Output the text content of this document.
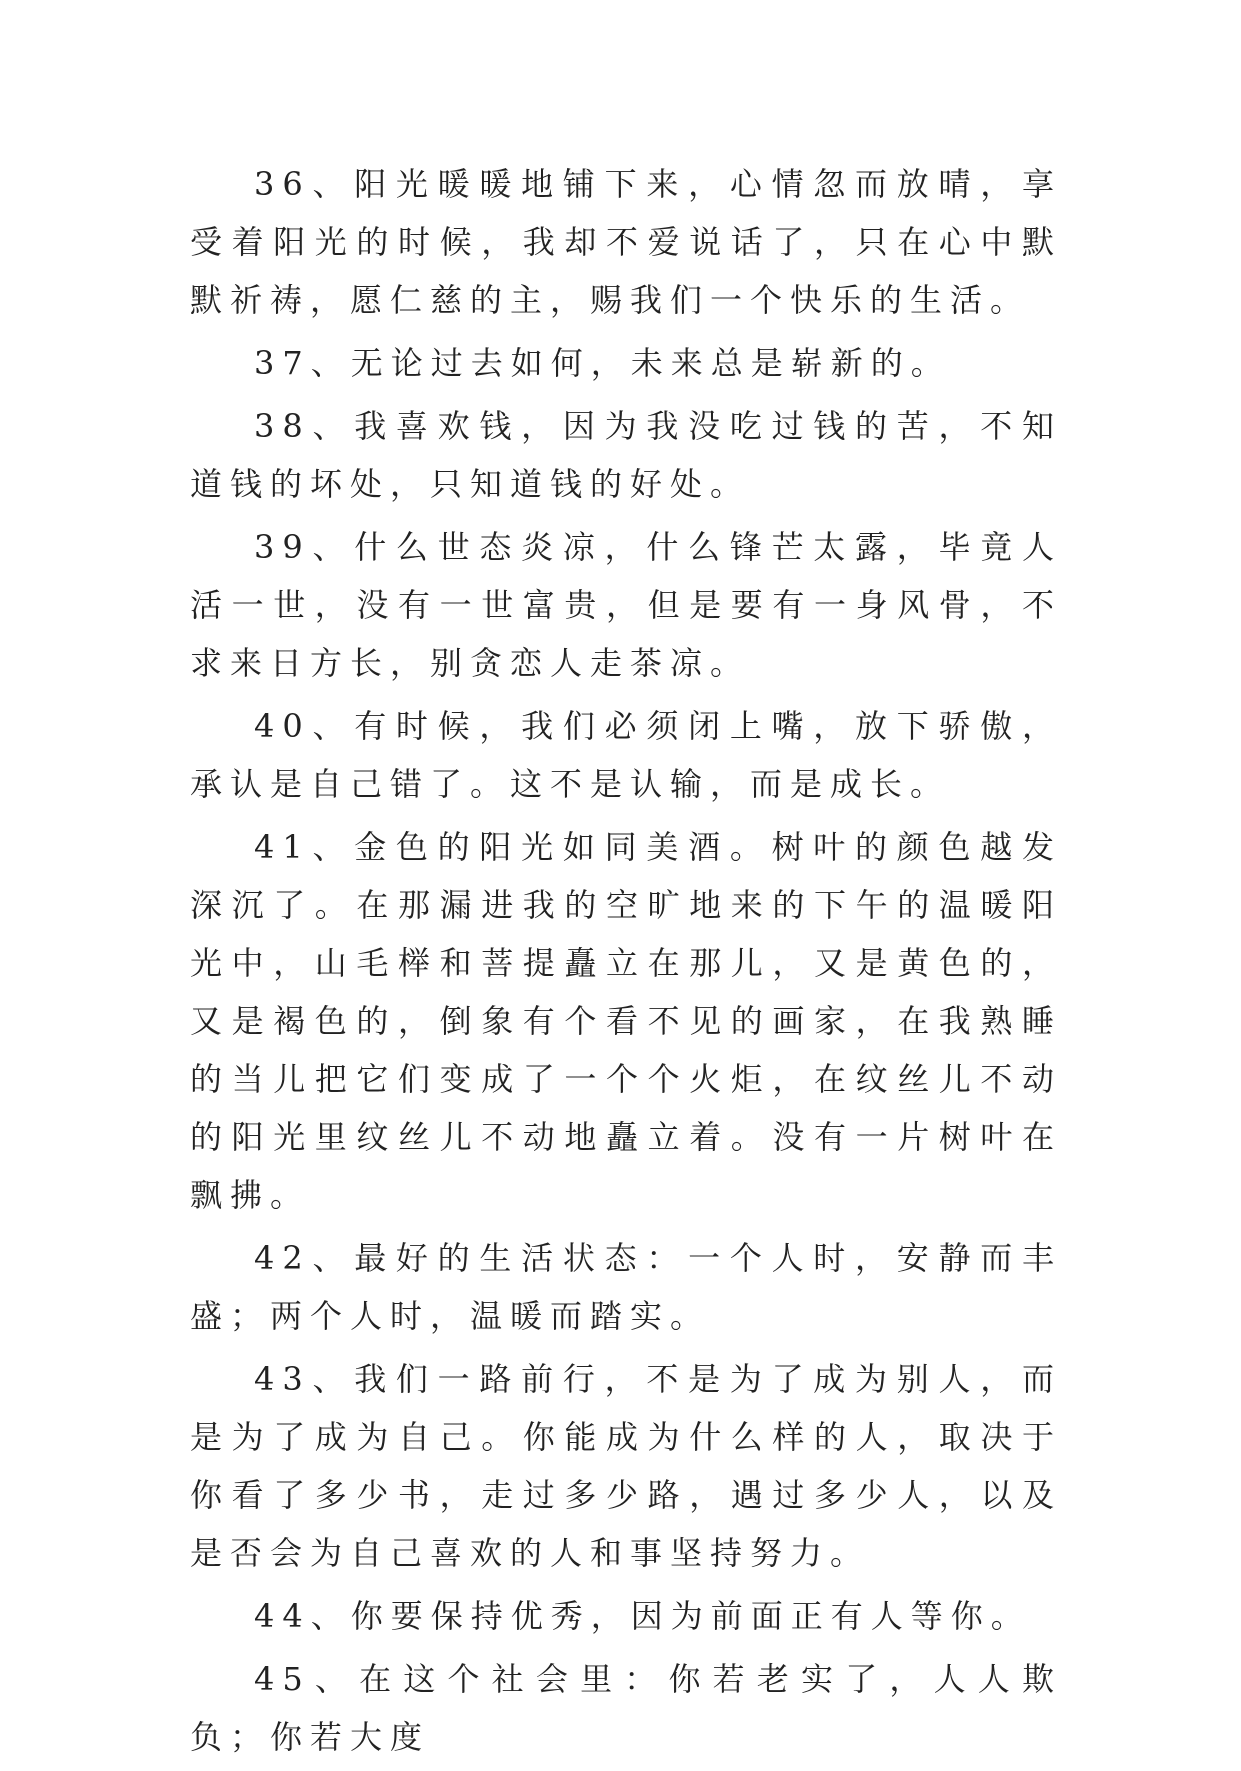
36、阳光暖暖地铺下来，心情忽而放晴，享受着阳光的时候，我却不爱说话了，只在心中默默祈祷，愿仁慈的主，赐我们一个快乐的生活。

37、无论过去如何，未来总是崭新的。

38、我喜欢钱，因为我没吃过钱的苦，不知道钱的坏处，只知道钱的好处。

39、什么世态炎凉，什么锋芒太露，毕竟人活一世，没有一世富贵，但是要有一身风骨，不求来日方长，别贪恋人走茶凉。

40、有时候，我们必须闭上嘴，放下骄傲，承认是自己错了。这不是认输，而是成长。

41、金色的阳光如同美酒。树叶的颜色越发深沉了。在那漏进我的空旷地来的下午的温暖阳光中，山毛榉和菩提矗立在那儿，又是黄色的，又是褐色的，倒象有个看不见的画家，在我熟睡的当儿把它们变成了一个个火炬，在纹丝儿不动的阳光里纹丝儿不动地矗立着。没有一片树叶在飘拂。

42、最好的生活状态：一个人时，安静而丰盛；两个人时，温暖而踏实。

43、我们一路前行，不是为了成为别人，而是为了成为自己。你能成为什么样的人，取决于你看了多少书，走过多少路，遇过多少人，以及是否会为自己喜欢的人和事坚持努力。

44、你要保持优秀，因为前面正有人等你。

45、在这个社会里：你若老实了，人人欺负；你若大度
